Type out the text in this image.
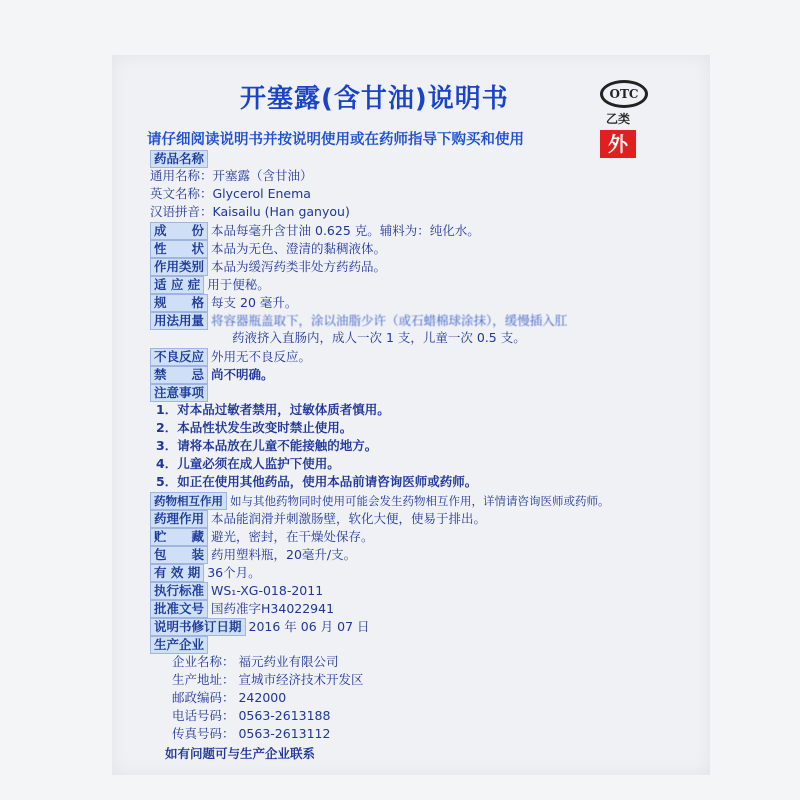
开塞露(含甘油)说明书	OTC
乙类
外
请仔细阅读说明书并按说明使用或在药师指导下购买和使用
药品名称
通用名称：开塞露（含甘油）
英文名称：Glycerol Enema
汉语拼音：Kaisailu (Han ganyou)
成　　份 本品每毫升含甘油 0.625 克。辅料为：纯化水。
性　　状 本品为无色、澄清的黏稠液体。
作用类别 本品为缓泻药类非处方药药品。
适 应 症 用于便秘。
规　　格 每支 20 毫升。
用法用量 将容器瓶盖取下，涂以油脂少许（或石蜡棉球涂抹），缓慢插入肛
药液挤入直肠内，成人一次 1 支，儿童一次 0.5 支。
不良反应 外用无不良反应。
禁　　忌 尚不明确。
注意事项
1．对本品过敏者禁用，过敏体质者慎用。
2．本品性状发生改变时禁止使用。
3．请将本品放在儿童不能接触的地方。
4．儿童必须在成人监护下使用。
5．如正在使用其他药品，使用本品前请咨询医师或药师。
药物相互作用 如与其他药物同时使用可能会发生药物相互作用，详情请咨询医师或药师。
药理作用 本品能润滑并刺激肠壁，软化大便，使易于排出。
贮　　藏 避光，密封，在干燥处保存。
包　　装 药用塑料瓶，20毫升/支。
有 效 期 36个月。
执行标准 WS₁-XG-018-2011
批准文号 国药准字H34022941
说明书修订日期 2016 年 06 月 07 日
生产企业
企业名称： 福元药业有限公司
生产地址： 宣城市经济技术开发区
邮政编码： 242000
电话号码： 0563-2613188
传真号码： 0563-2613112
如有问题可与生产企业联系
